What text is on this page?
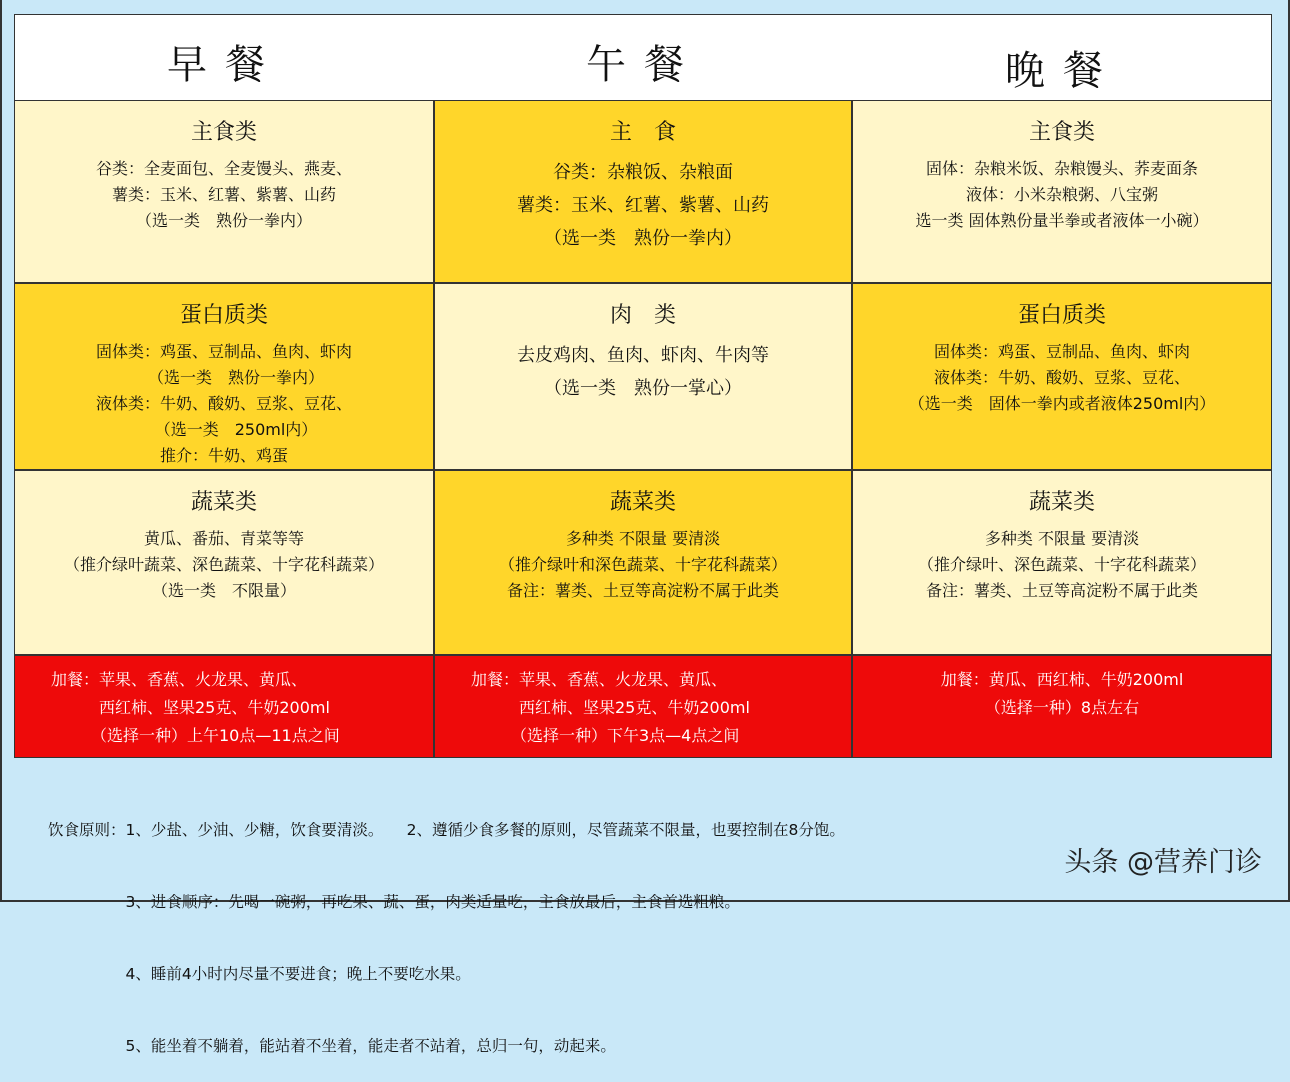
早餐	午餐	晚餐
主食类
谷类：全麦面包、全麦馒头、燕麦、
薯类：玉米、红薯、紫薯、山药
（选一类　熟份一拳内）
主　食
谷类：杂粮饭、杂粮面
薯类：玉米、红薯、紫薯、山药
（选一类　熟份一拳内）
主食类
固体：杂粮米饭、杂粮馒头、荞麦面条
液体：小米杂粮粥、八宝粥
选一类 固体熟份量半拳或者液体一小碗）
蛋白质类
固体类：鸡蛋、豆制品、鱼肉、虾肉
　　（选一类　熟份一拳内）
液体类：牛奶、酸奶、豆浆、豆花、
　　（选一类　250ml内）
推介：牛奶、鸡蛋
肉　类
去皮鸡肉、鱼肉、虾肉、牛肉等
（选一类　熟份一掌心）
蛋白质类
固体类：鸡蛋、豆制品、鱼肉、虾肉
液体类：牛奶、酸奶、豆浆、豆花、
（选一类　固体一拳内或者液体250ml内）
蔬菜类
黄瓜、番茄、青菜等等
（推介绿叶蔬菜、深色蔬菜、十字花科蔬菜）
（选一类　不限量）
蔬菜类
多种类 不限量 要清淡
（推介绿叶和深色蔬菜、十字花科蔬菜）
备注：薯类、土豆等高淀粉不属于此类
蔬菜类
多种类 不限量 要清淡
（推介绿叶、深色蔬菜、十字花科蔬菜）
备注：薯类、土豆等高淀粉不属于此类
加餐：苹果、香蕉、火龙果、黄瓜、
　　　西红柿、坚果25克、牛奶200ml
　　　（选择一种）上午10点—11点之间
加餐：苹果、香蕉、火龙果、黄瓜、
　　　西红柿、坚果25克、牛奶200ml
　　　（选择一种）下午3点—4点之间
加餐：黄瓜、西红柿、牛奶200ml
（选择一种）8点左右

饮食原则：1、少盐、少油、少糖，饮食要清淡。　　2、遵循少食多餐的原则，尽管蔬菜不限量，也要控制在8分饱。

　　　　　3、进食顺序：先喝一碗粥，再吃果、蔬、蛋，肉类适量吃，主食放最后，主食首选粗粮。

　　　　　4、睡前4小时内尽量不要进食；晚上不要吃水果。

　　　　　5、能坐着不躺着，能站着不坐着，能走者不站着，总归一句，动起来。

头条 @营养门诊
